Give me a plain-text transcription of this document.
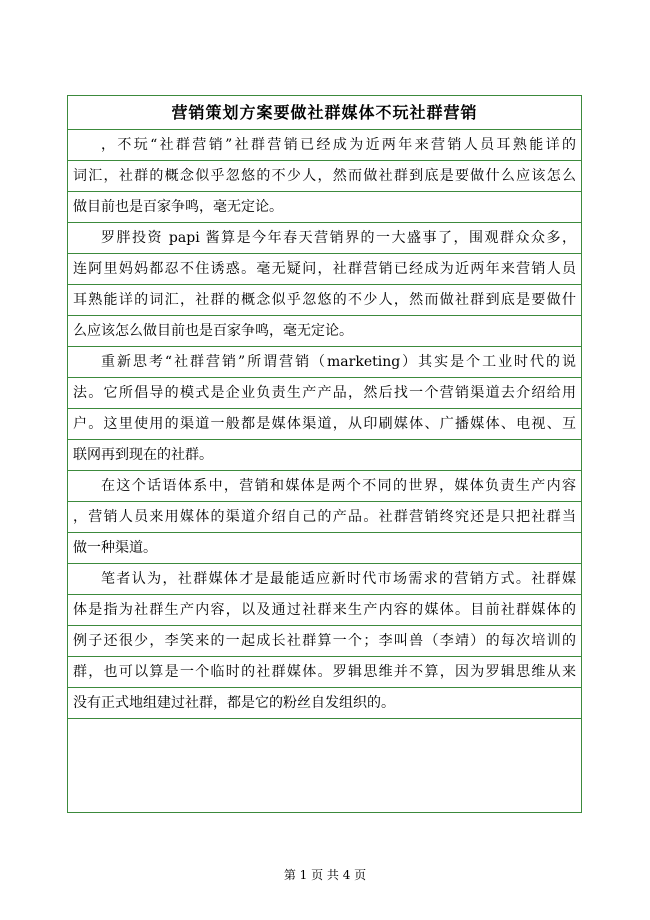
营销策划方案要做社群媒体不玩社群营销
，不玩“社群营销”社群营销已经成为近两年来营销人员耳熟能详的
词汇，社群的概念似乎忽悠的不少人，然而做社群到底是要做什么应该怎么
做目前也是百家争鸣，毫无定论。
罗胖投资 papi 酱算是今年春天营销界的一大盛事了，围观群众众多，
连阿里妈妈都忍不住诱惑。毫无疑问，社群营销已经成为近两年来营销人员
耳熟能详的词汇，社群的概念似乎忽悠的不少人，然而做社群到底是要做什
么应该怎么做目前也是百家争鸣，毫无定论。
重新思考“社群营销”所谓营销（marketing）其实是个工业时代的说
法。它所倡导的模式是企业负责生产产品，然后找一个营销渠道去介绍给用
户。这里使用的渠道一般都是媒体渠道，从印刷媒体、广播媒体、电视、互
联网再到现在的社群。
在这个话语体系中，营销和媒体是两个不同的世界，媒体负责生产内容
，营销人员来用媒体的渠道介绍自己的产品。社群营销终究还是只把社群当
做一种渠道。
笔者认为，社群媒体才是最能适应新时代市场需求的营销方式。社群媒
体是指为社群生产内容，以及通过社群来生产内容的媒体。目前社群媒体的
例子还很少，李笑来的一起成长社群算一个；李叫兽（李靖）的每次培训的
群，也可以算是一个临时的社群媒体。罗辑思维并不算，因为罗辑思维从来
没有正式地组建过社群，都是它的粉丝自发组织的。
第 1 页 共 4 页
